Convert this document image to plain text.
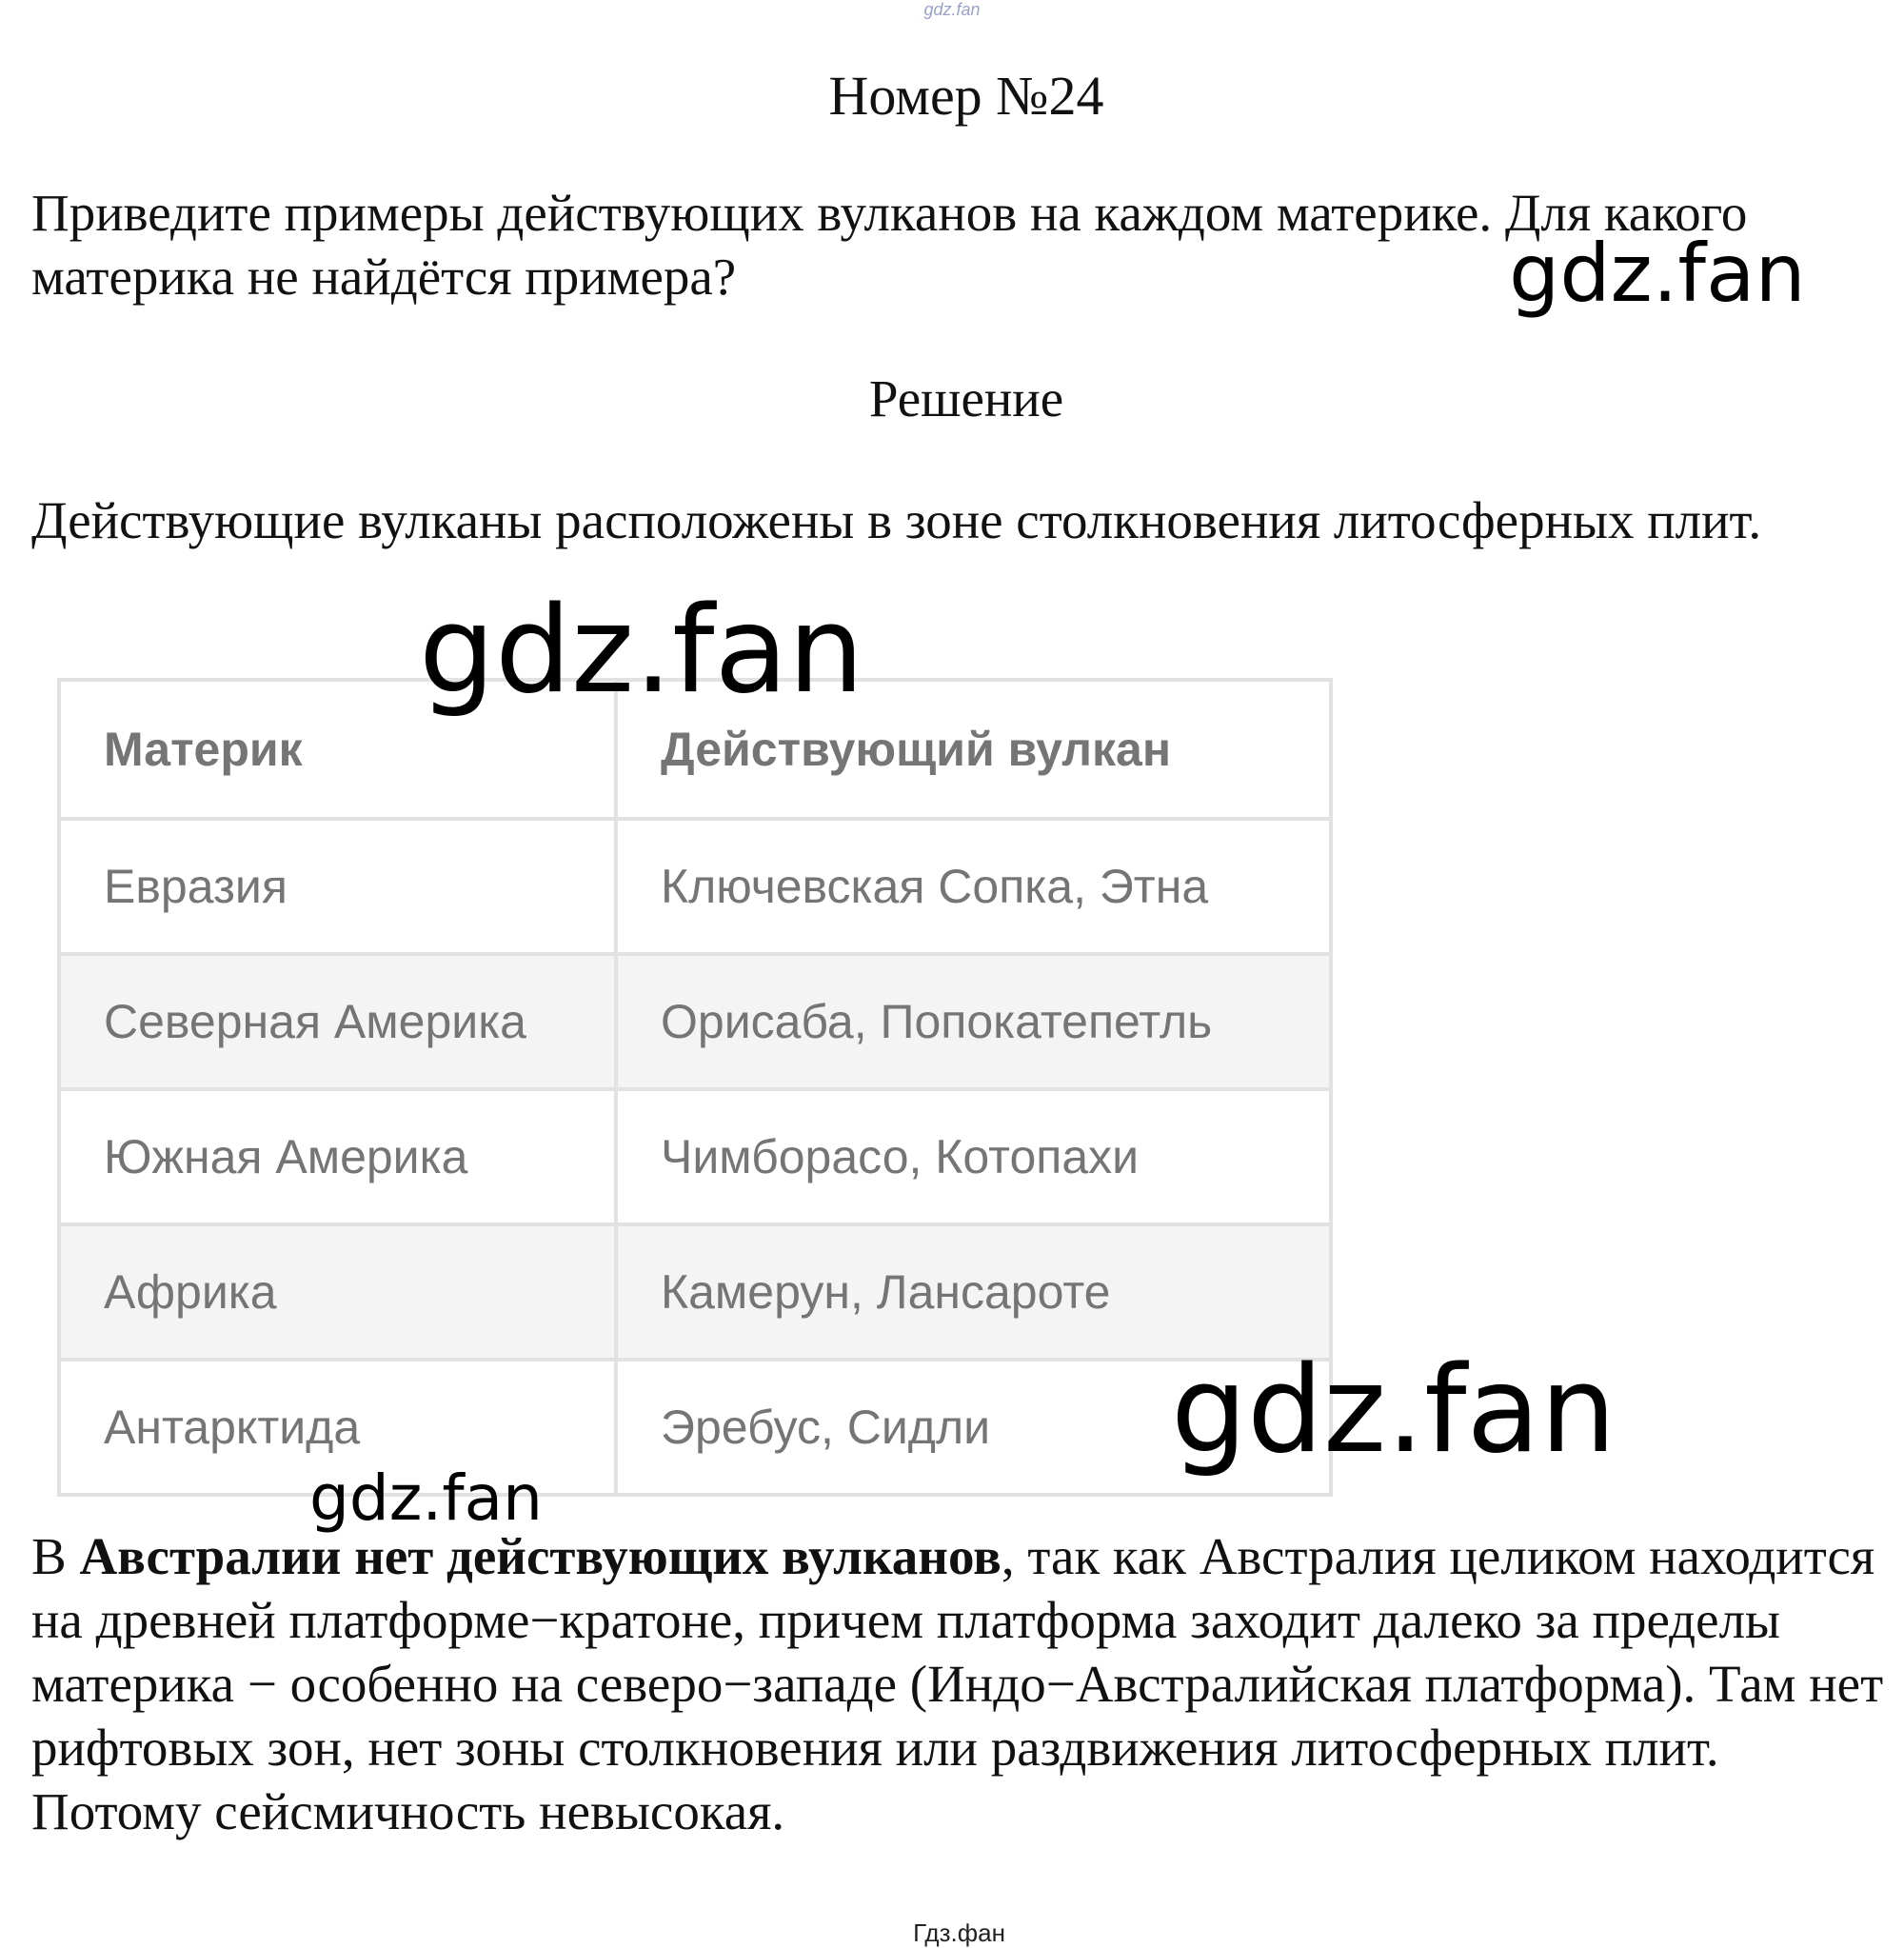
gdz.fan
Номер №24

Приведите примеры действующих вулканов на каждом материке. Для какого материка не найдётся примера?	gdz.fan
Решение

Действующие вулканы расположены в зоне столкновения литосферных плит.

Материк	Действующий вулкан
Евразия	Ключевская Сопка, Этна
Северная Америка	Орисаба, Попокатепетль
Южная Америка	Чимборасо, Котопахи
Африка	Камерун, Лансароте
Антарктида	Эребус, Сидли
gdz.fan
gdz.fan
gdz.fan

В Австралии нет действующих вулканов, так как Австралия целиком находится на древней платформе−кратоне, причем платформа заходит далеко за пределы материка − особенно на северо−западе (Индо−Австралийская платформа). Там нет рифтовых зон, нет зоны столкновения или раздвижения литосферных плит. Потому сейсмичность невысокая.

Гдз.фан
